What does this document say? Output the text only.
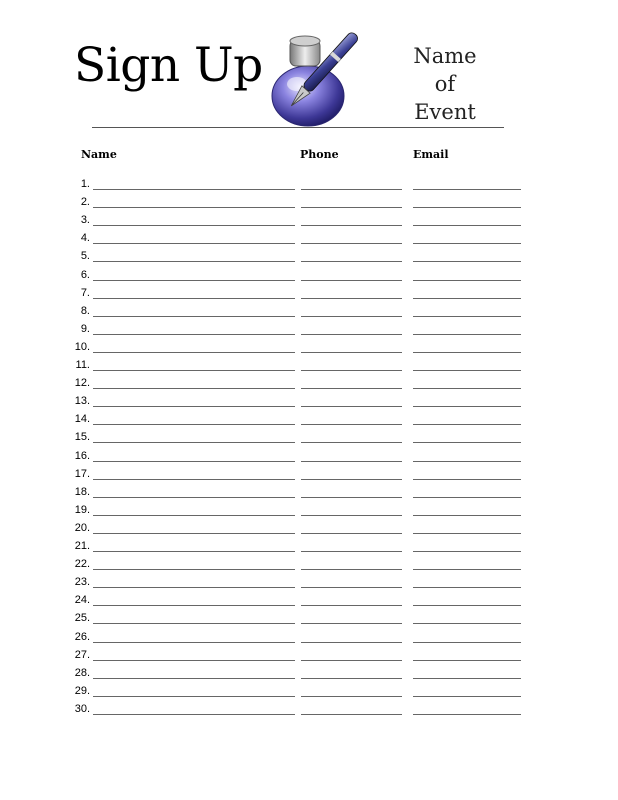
Sign Up	Name
of
Event
Name	Phone	Email
1.
2.
3.
4.
5.
6.
7.
8.
9.
10.
11.
12.
13.
14.
15.
16.
17.
18.
19.
20.
21.
22.
23.
24.
25.
26.
27.
28.
29.
30.
